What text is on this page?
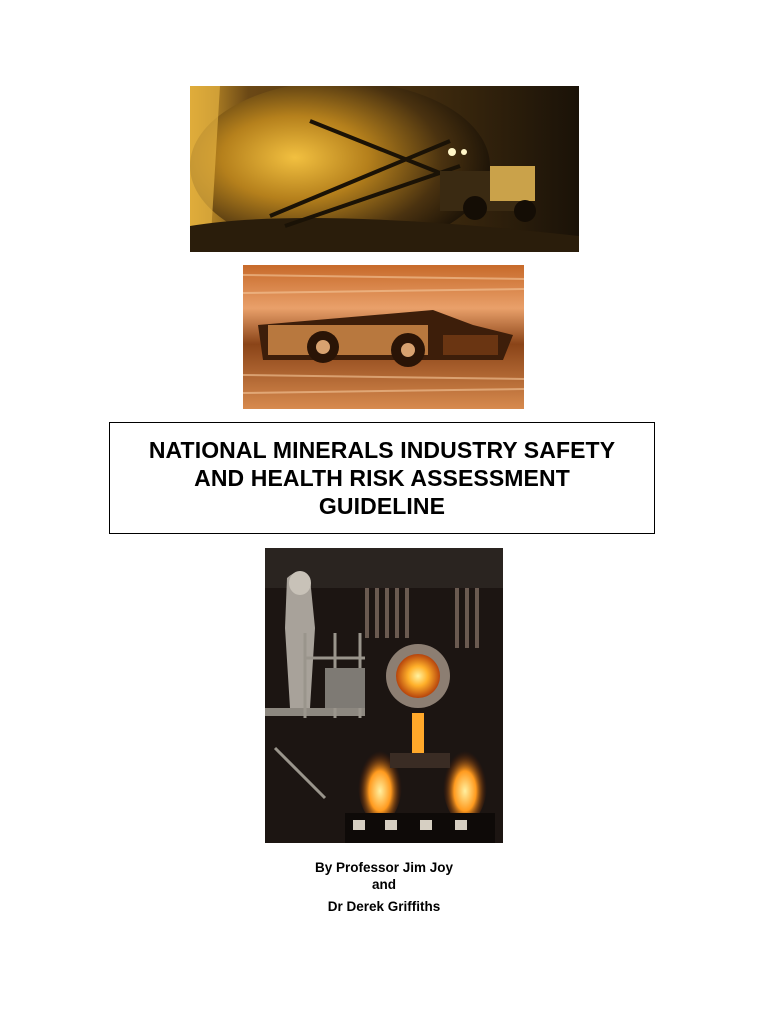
NATIONAL MINERALS INDUSTRY SAFETY
AND HEALTH RISK ASSESSMENT
GUIDELINE
By Professor Jim Joy
and
Dr Derek Griffiths
